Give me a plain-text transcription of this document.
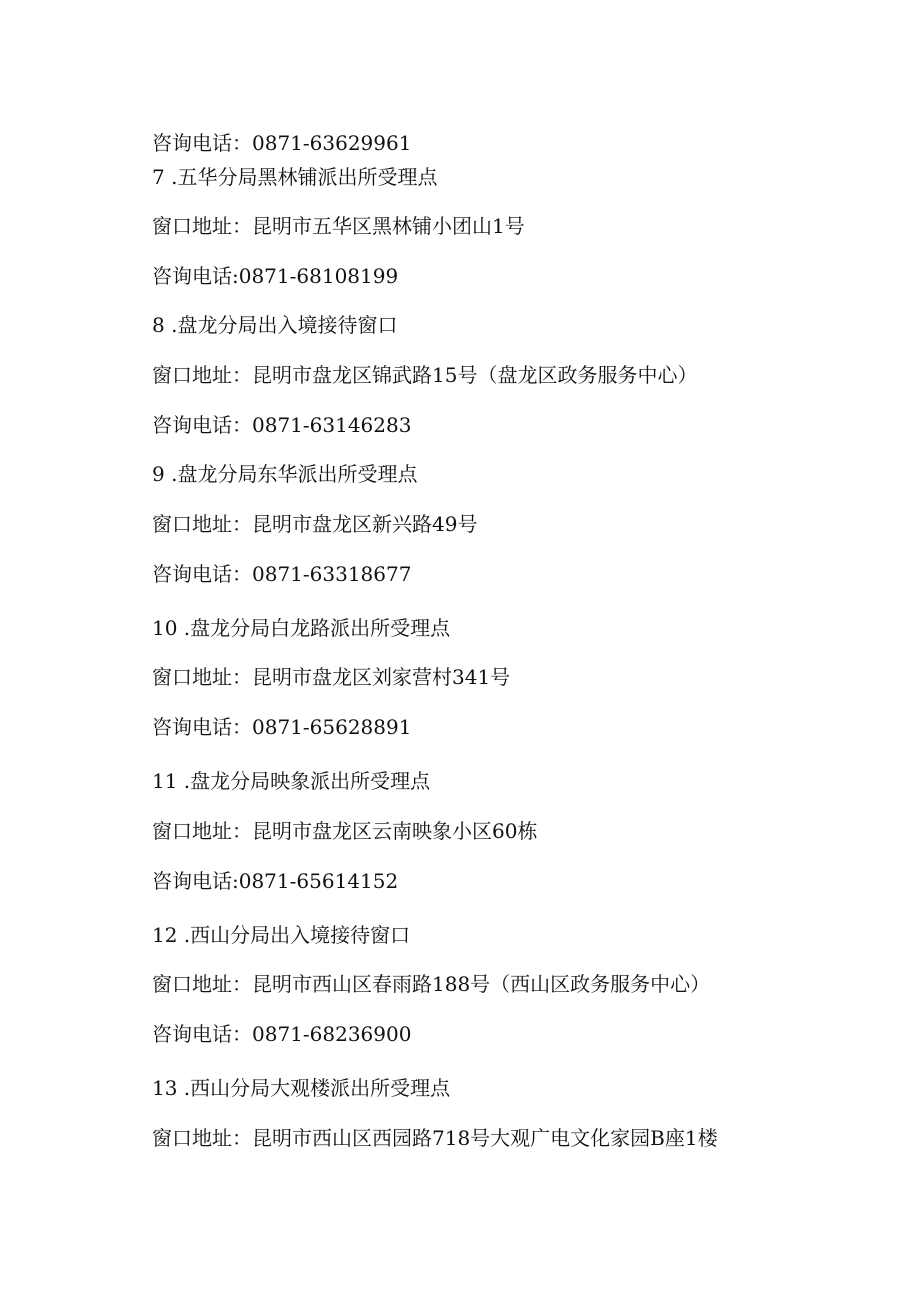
咨询电话：0871-63629961
7 .五华分局黑林铺派出所受理点
窗口地址：昆明市五华区黑林铺小团山1号
咨询电话:0871-68108199
8 .盘龙分局出入境接待窗口
窗口地址：昆明市盘龙区锦武路15号（盘龙区政务服务中心）
咨询电话：0871-63146283
9 .盘龙分局东华派出所受理点
窗口地址：昆明市盘龙区新兴路49号
咨询电话：0871-63318677
10 .盘龙分局白龙路派出所受理点
窗口地址：昆明市盘龙区刘家营村341号
咨询电话：0871-65628891
11 .盘龙分局映象派出所受理点
窗口地址：昆明市盘龙区云南映象小区60栋
咨询电话:0871-65614152
12 .西山分局出入境接待窗口
窗口地址：昆明市西山区春雨路188号（西山区政务服务中心）
咨询电话：0871-68236900
13 .西山分局大观楼派出所受理点
窗口地址：昆明市西山区西园路718号大观广电文化家园B座1楼
